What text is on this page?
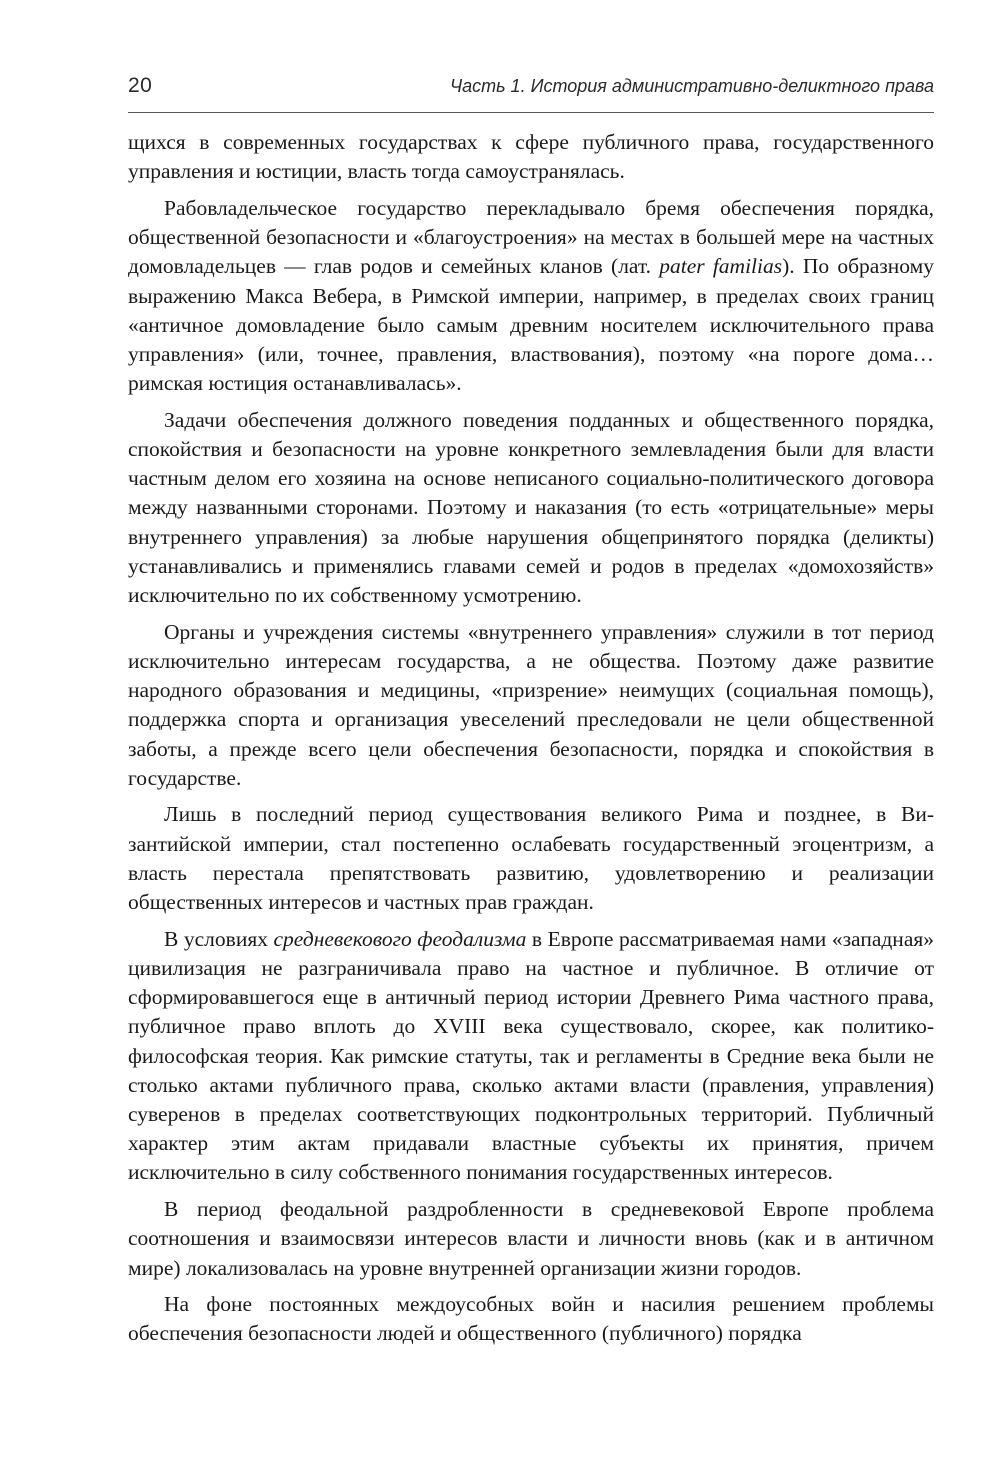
20	Часть 1. История административно-деликтного права

щихся в современных государствах к сфере публичного права, государственного управления и юстиции, власть тогда самоустранялась.

Рабовладельческое государство перекладывало бремя обеспечения порядка, общественной безопасности и «благоустроения» на местах в большей мере на частных домовладельцев — глав родов и семейных кланов (лат. pater familias). По образному выражению Макса Вебера, в Римской империи, например, в пределах своих границ «античное домовладение было самым древним носителем исключительного права управления» (или, точнее, правления, властвования), поэтому «на пороге дома… римская юстиция останавливалась».

Задачи обеспечения должного поведения подданных и общественного порядка, спокойствия и безопасности на уровне конкретного землевладения были для власти частным делом его хозяина на основе неписаного социально-политического договора между названными сторонами. Поэтому и наказания (то есть «отрицательные» меры внутреннего управления) за любые нарушения общепринятого порядка (деликты) устанавливались и применялись главами семей и родов в пределах «домохозяйств» исключительно по их собственному усмотрению.

Органы и учреждения системы «внутреннего управления» служили в тот период исключительно интересам государства, а не общества. Поэтому даже развитие народного образования и медицины, «призрение» неимущих (социальная помощь), поддержка спорта и организация увеселений преследовали не цели общественной заботы, а прежде всего цели обеспечения безопасности, порядка и спокойствия в государстве.

Лишь в последний период существования великого Рима и позднее, в Византийской империи, стал постепенно ослабевать государственный эгоцентризм, а власть перестала препятствовать развитию, удовлетворению и реализации общественных интересов и частных прав граждан.

В условиях средневекового феодализма в Европе рассматриваемая нами «западная» цивилизация не разграничивала право на частное и публичное. В отличие от сформировавшегося еще в античный период истории Древнего Рима частного права, публичное право вплоть до XVIII века существовало, скорее, как политико-философская теория. Как римские статуты, так и регламенты в Средние века были не столько актами публичного права, сколько актами власти (правления, управления) суверенов в пределах соответствующих подконтрольных территорий. Публичный характер этим актам придавали властные субъекты их принятия, причем исключительно в силу собственного понимания государственных интересов.

В период феодальной раздробленности в средневековой Европе проблема соотношения и взаимосвязи интересов власти и личности вновь (как и в античном мире) локализовалась на уровне внутренней организации жизни городов.

На фоне постоянных междоусобных войн и насилия решением проблемы обеспечения безопасности людей и общественного (публичного) порядка
